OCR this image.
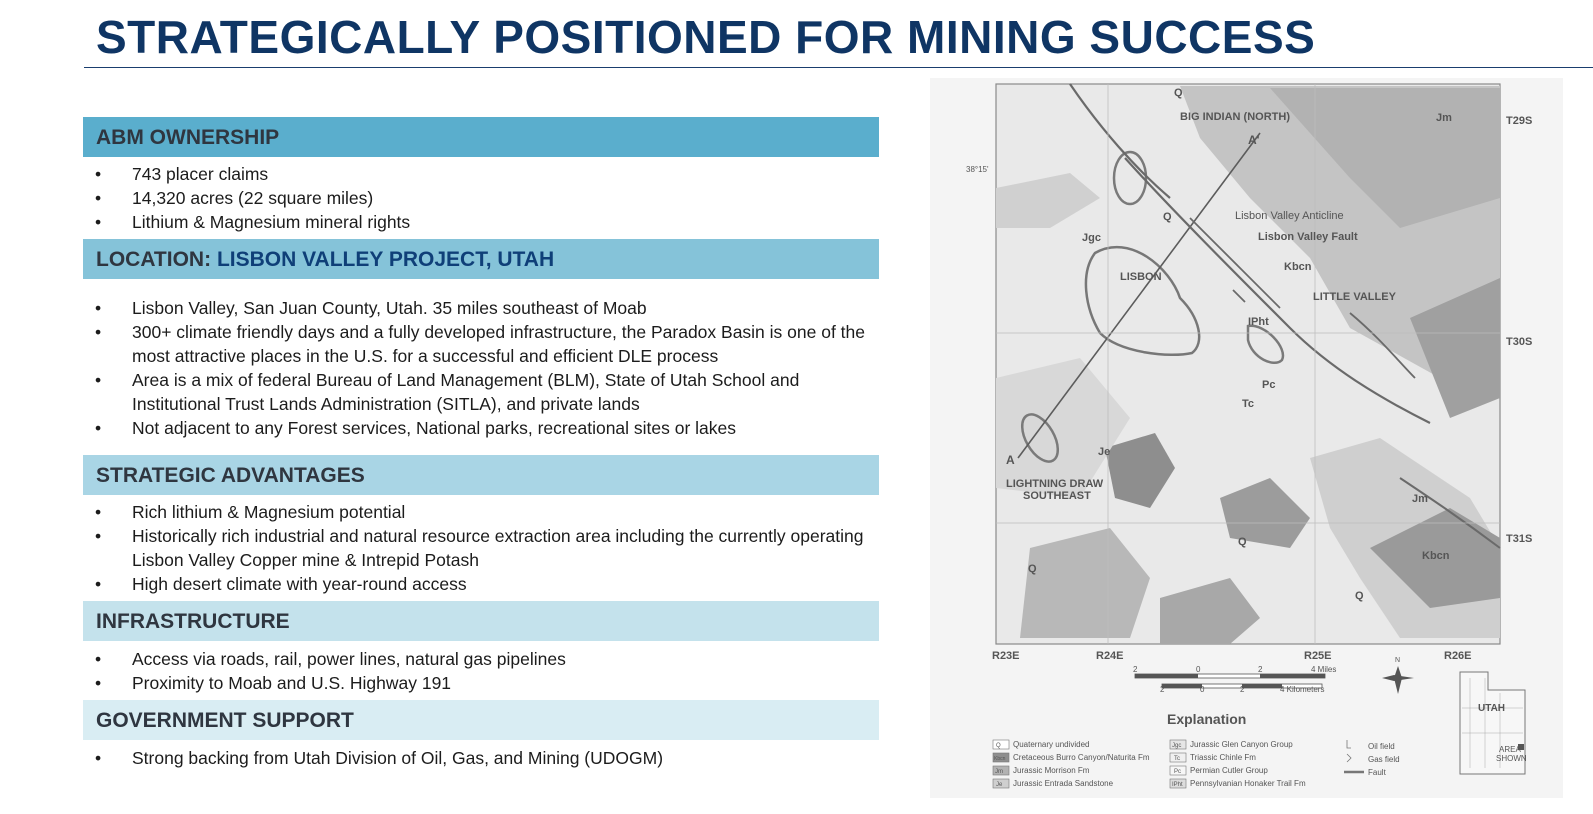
STRATEGICALLY POSITIONED FOR MINING SUCCESS
ABM OWNERSHIP
• 743 placer claims
• 14,320 acres (22 square miles)
• Lithium & Magnesium mineral rights
LOCATION: LISBON VALLEY PROJECT, UTAH
• Lisbon Valley, San Juan County, Utah. 35 miles southeast of Moab
• 300+ climate friendly days and a fully developed infrastructure, the Paradox Basin is one of the most attractive places in the U.S. for a successful and efficient DLE process
• Area is a mix of federal Bureau of Land Management (BLM), State of Utah School and Institutional Trust Lands Administration (SITLA), and private lands
• Not adjacent to any Forest services, National parks, recreational sites or lakes
STRATEGIC ADVANTAGES
• Rich lithium & Magnesium potential
• Historically rich industrial and natural resource extraction area including the currently operating Lisbon Valley Copper mine & Intrepid Potash
• High desert climate with year-round access
INFRASTRUCTURE
• Access via roads, rail, power lines, natural gas pipelines
• Proximity to Moab and U.S. Highway 191
GOVERNMENT SUPPORT
• Strong backing from Utah Division of Oil, Gas, and Mining (UDOGM)
BIG INDIAN (NORTH)
LISBON
LITTLE VALLEY
LIGHTNING DRAW
SOUTHEAST
Lisbon Valley Anticline
Lisbon Valley Fault
A'
A
38°15'
Q
Q
Q
Q
Q
Jm
Jm
Jgc
Kbcn
Kbcn
IPht
Pc
Tc
Je
T29S
T30S
T31S
R23E	R24E	R25E	R26E
2	0	2	4 Miles
2	0	2	4 Kilometers
N
UTAH
AREA
SHOWN
Explanation
Q Quaternary undivided
Kbcn Cretaceous Burro Canyon/Naturita Fm
Jm Jurassic Morrison Fm
Je Jurassic Entrada Sandstone
Jgc Jurassic Glen Canyon Group
Tc Triassic Chinle Fm
Pc Permian Cutler Group
IPht Pennsylvanian Honaker Trail Fm
Oil field
Gas field
Fault
